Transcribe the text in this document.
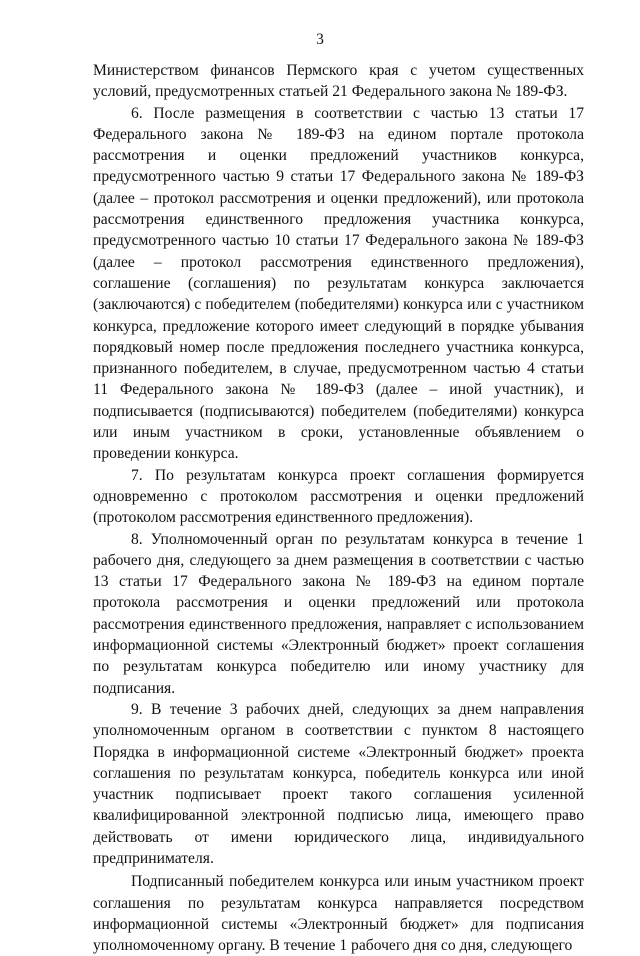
3

Министерством финансов Пермского края с учетом существенных условий, предусмотренных статьей 21 Федерального закона № 189-ФЗ.

6. После размещения в соответствии с частью 13 статьи 17 Федерального закона № 189-ФЗ на едином портале протокола рассмотрения и оценки предложений участников конкурса, предусмотренного частью 9 статьи 17 Федерального закона № 189-ФЗ (далее – протокол рассмотрения и оценки предложений), или протокола рассмотрения единственного предложения участника конкурса, предусмотренного частью 10 статьи 17 Федерального закона № 189-ФЗ (далее – протокол рассмотрения единственного предложения), соглашение (соглашения) по результатам конкурса заключается (заключаются) с победителем (победителями) конкурса или с участником конкурса, предложение которого имеет следующий в порядке убывания порядковый номер после предложения последнего участника конкурса, признанного победителем, в случае, предусмотренном частью 4 статьи 11 Федерального закона № 189-ФЗ (далее – иной участник), и подписывается (подписываются) победителем (победителями) конкурса или иным участником в сроки, установленные объявлением о проведении конкурса.

7. По результатам конкурса проект соглашения формируется одновременно с протоколом рассмотрения и оценки предложений (протоколом рассмотрения единственного предложения).

8. Уполномоченный орган по результатам конкурса в течение 1 рабочего дня, следующего за днем размещения в соответствии с частью 13 статьи 17 Федерального закона № 189-ФЗ на едином портале протокола рассмотрения и оценки предложений или протокола рассмотрения единственного предложения, направляет с использованием информационной системы «Электронный бюджет» проект соглашения по результатам конкурса победителю или иному участнику для подписания.

9. В течение 3 рабочих дней, следующих за днем направления уполномоченным органом в соответствии с пунктом 8 настоящего Порядка в информационной системе «Электронный бюджет» проекта соглашения по результатам конкурса, победитель конкурса или иной участник подписывает проект такого соглашения усиленной квалифицированной электронной подписью лица, имеющего право действовать от имени юридического лица, индивидуального предпринимателя.

Подписанный победителем конкурса или иным участником проект соглашения по результатам конкурса направляется посредством информационной системы «Электронный бюджет» для подписания уполномоченному органу. В течение 1 рабочего дня со дня, следующего
